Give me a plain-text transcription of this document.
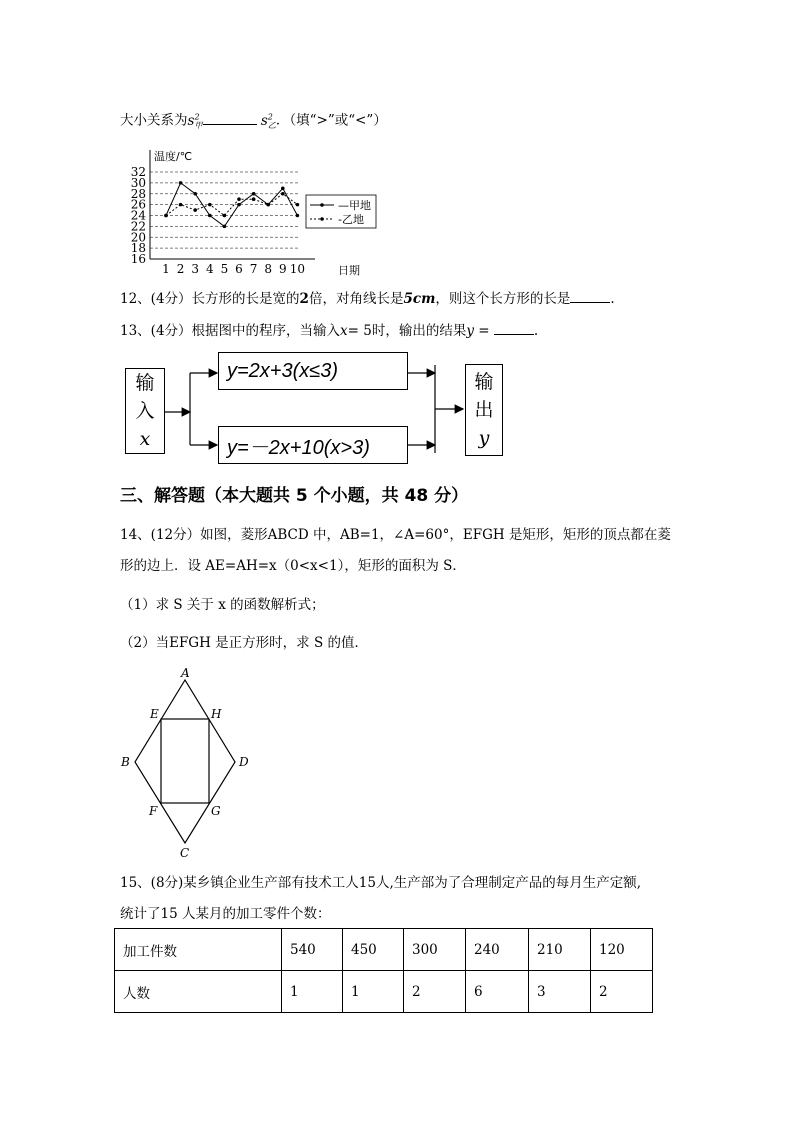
大小关系为$s^2_甲$	$s^2_乙$．（填“>”或“<”）
16
18
20
22
24
26
28
30
32
温度/℃
1 2 3 4 5 6 7 8 9 10	日期
—甲地
-乙地
12、(4分）长方形的长是宽的2倍，对角线长是5cm，则这个长方形的长是	.
13、(4分）根据图中的程序，当输入x= 5时，输出的结果y =	.
输
入
x
y=2x+3(x≤3)
y=－2x+10(x>3)
输
出
y
三、解答题（本大题共 5 个小题，共 48 分）
14、(12分）如图，菱形ABCD 中，AB=1，∠A=60°，EFGH 是矩形，矩形的顶点都在菱
形的边上．设 AE=AH=x（0<x<1），矩形的面积为 S．
（1）求 S 关于 x 的函数解析式；
（2）当EFGH 是正方形时，求 S 的值．
A
B
C
D
E
F	G
H
15、(8分)某乡镇企业生产部有技术工人15人,生产部为了合理制定产品的每月生产定额,
统计了15 人某月的加工零件个数：
加工件数	540	450	300	240	210	120
人数	1	1	2	6	3	2
